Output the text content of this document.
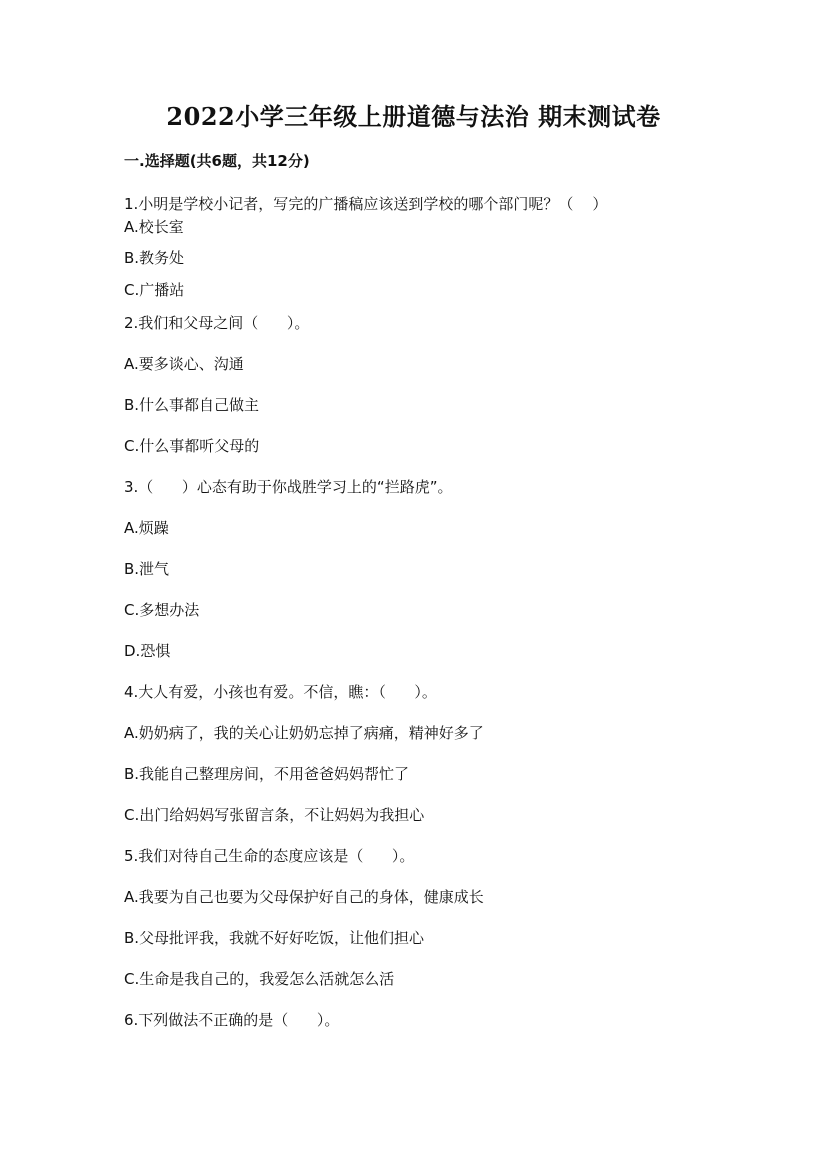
2022小学三年级上册道德与法治 期末测试卷
一.选择题(共6题，共12分)
1.小明是学校小记者，写完的广播稿应该送到学校的哪个部门呢？（    ）
A.校长室
B.教务处
C.广播站
2.我们和父母之间（      ）。
A.要多谈心、沟通
B.什么事都自己做主
C.什么事都听父母的
3.（      ）心态有助于你战胜学习上的“拦路虎”。
A.烦躁
B.泄气
C.多想办法
D.恐惧
4.大人有爱，小孩也有爱。不信，瞧：（      ）。
A.奶奶病了，我的关心让奶奶忘掉了病痛，精神好多了
B.我能自己整理房间，不用爸爸妈妈帮忙了
C.出门给妈妈写张留言条，不让妈妈为我担心
5.我们对待自己生命的态度应该是（      ）。
A.我要为自己也要为父母保护好自己的身体，健康成长
B.父母批评我，我就不好好吃饭，让他们担心
C.生命是我自己的，我爱怎么活就怎么活
6.下列做法不正确的是（      ）。
